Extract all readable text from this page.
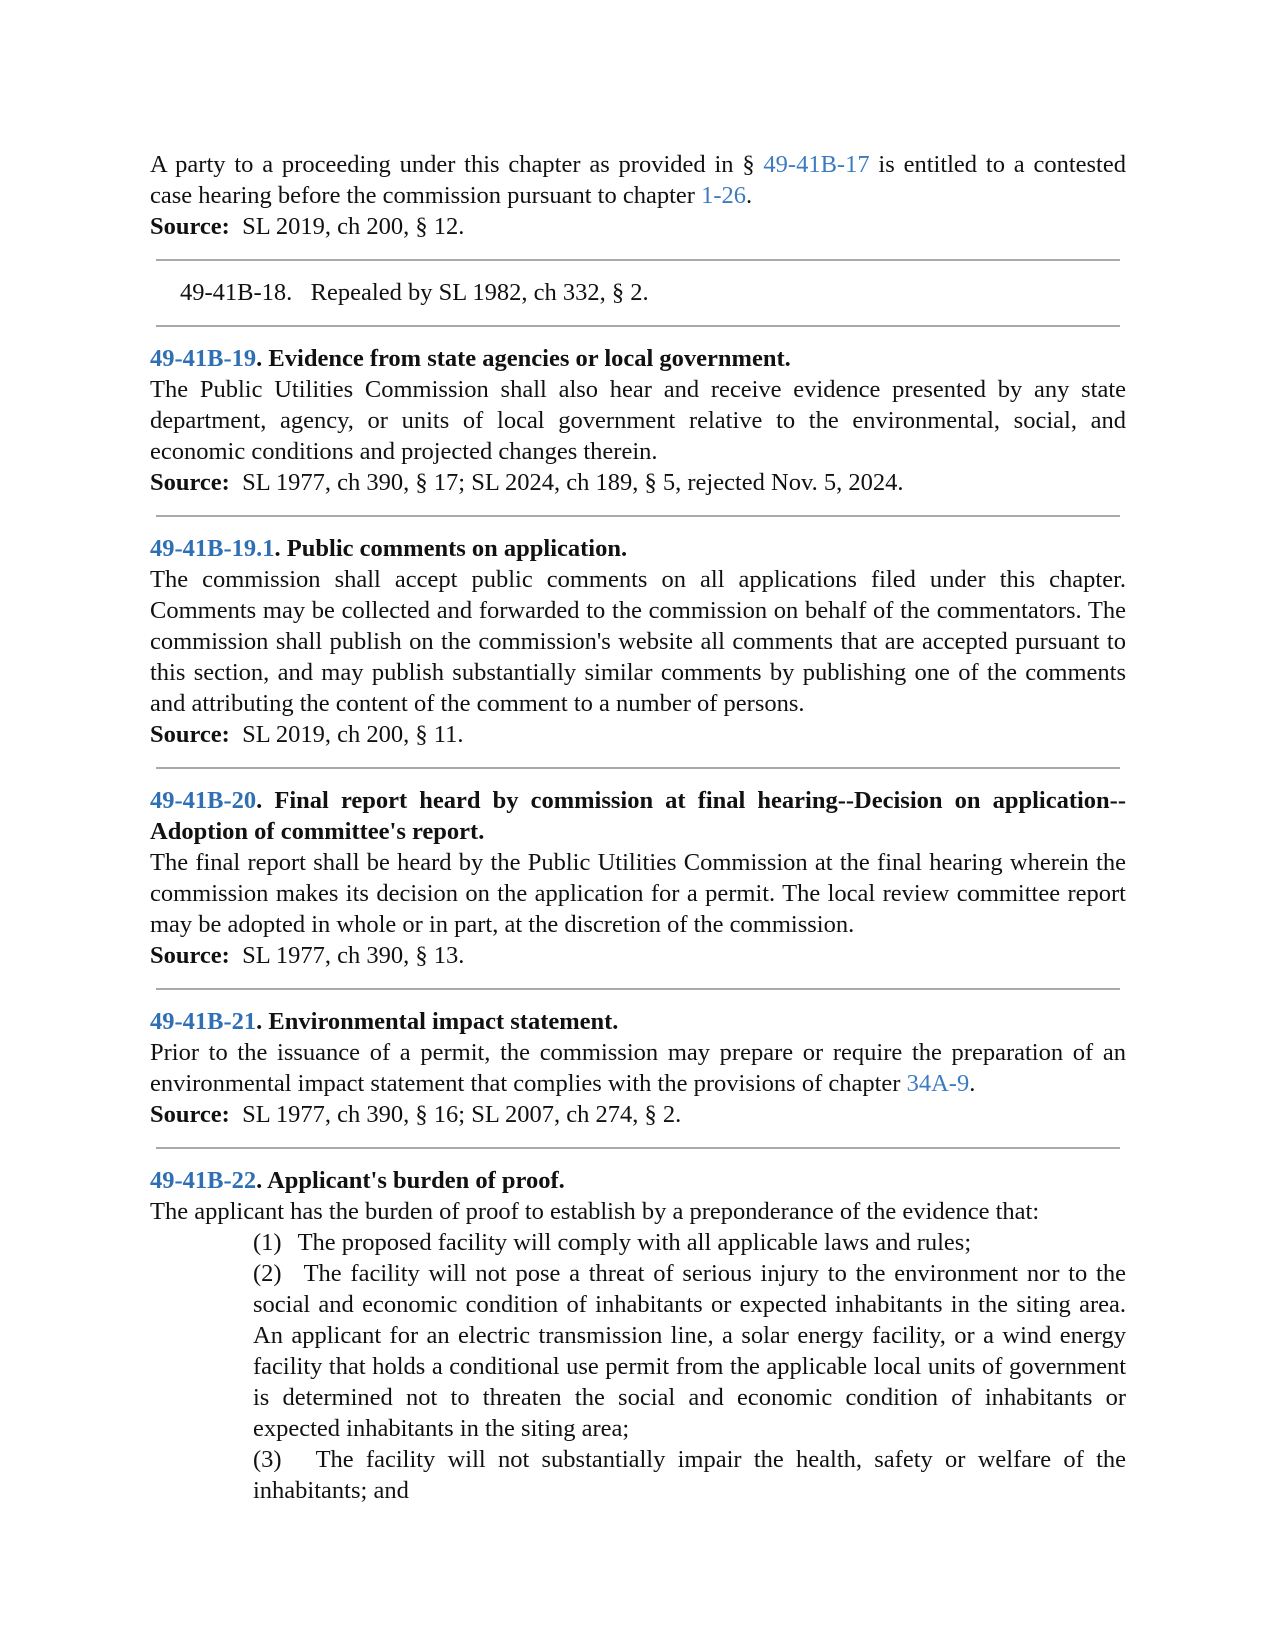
A party to a proceeding under this chapter as provided in § 49-41B-17 is entitled to a contested case hearing before the commission pursuant to chapter 1-26.
Source:  SL 2019, ch 200, § 12.
49-41B-18.   Repealed by SL 1982, ch 332, § 2.
49-41B-19. Evidence from state agencies or local government.
The Public Utilities Commission shall also hear and receive evidence presented by any state department, agency, or units of local government relative to the environmental, social, and economic conditions and projected changes therein.
Source:  SL 1977, ch 390, § 17; SL 2024, ch 189, § 5, rejected Nov. 5, 2024.
49-41B-19.1. Public comments on application.
The commission shall accept public comments on all applications filed under this chapter. Comments may be collected and forwarded to the commission on behalf of the commentators. The commission shall publish on the commission's website all comments that are accepted pursuant to this section, and may publish substantially similar comments by publishing one of the comments and attributing the content of the comment to a number of persons.
Source:  SL 2019, ch 200, § 11.
49-41B-20. Final report heard by commission at final hearing--Decision on application--Adoption of committee's report.
The final report shall be heard by the Public Utilities Commission at the final hearing wherein the commission makes its decision on the application for a permit. The local review committee report may be adopted in whole or in part, at the discretion of the commission.
Source:  SL 1977, ch 390, § 13.
49-41B-21. Environmental impact statement.
Prior to the issuance of a permit, the commission may prepare or require the preparation of an environmental impact statement that complies with the provisions of chapter 34A-9.
Source:  SL 1977, ch 390, § 16; SL 2007, ch 274, § 2.
49-41B-22. Applicant's burden of proof.
The applicant has the burden of proof to establish by a preponderance of the evidence that:
(1) The proposed facility will comply with all applicable laws and rules;
(2) The facility will not pose a threat of serious injury to the environment nor to the social and economic condition of inhabitants or expected inhabitants in the siting area. An applicant for an electric transmission line, a solar energy facility, or a wind energy facility that holds a conditional use permit from the applicable local units of government is determined not to threaten the social and economic condition of inhabitants or expected inhabitants in the siting area;
(3) The facility will not substantially impair the health, safety or welfare of the inhabitants; and
